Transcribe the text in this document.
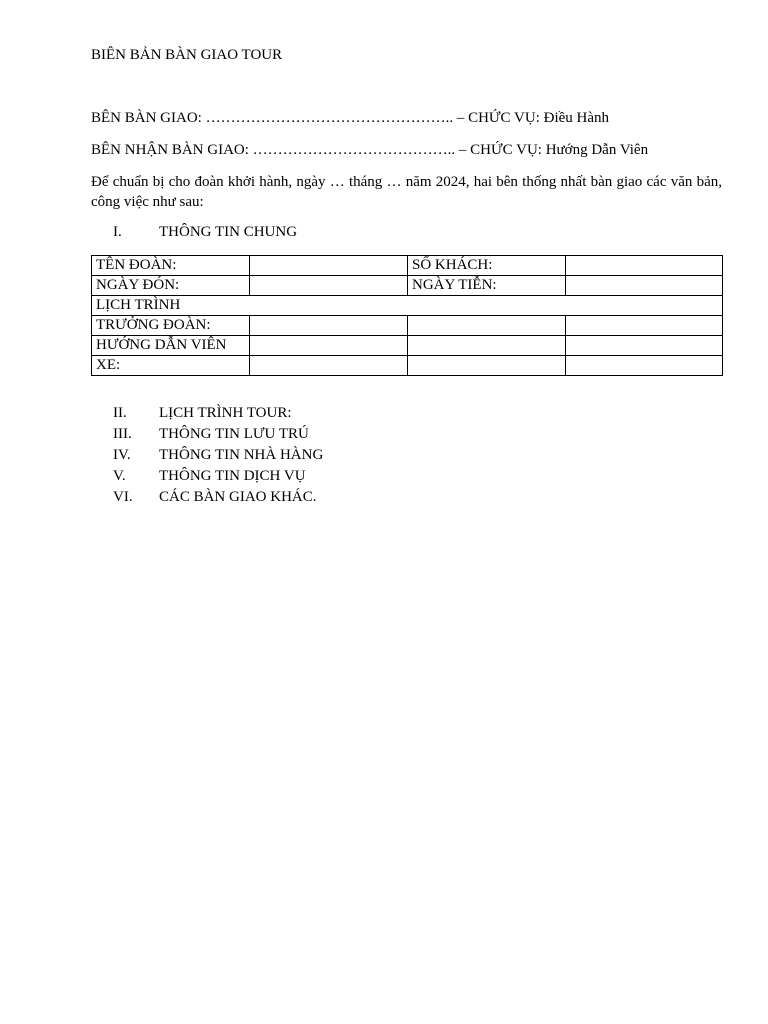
BIÊN BẢN BÀN GIAO TOUR
BÊN BÀN GIAO: ………………………………………….. – CHỨC VỤ: Điều Hành
BÊN NHẬN BÀN GIAO: ………………………………….. – CHỨC VỤ: Hướng Dẫn Viên
Để chuẩn bị cho đoàn khởi hành, ngày … tháng … năm 2024, hai bên thống nhất bàn giao các văn bản, công việc như sau:
I. THÔNG TIN CHUNG
TÊN ĐOÀN:		SỐ KHÁCH:	
NGÀY ĐÓN:		NGÀY TIỄN:	
LỊCH TRÌNH			
TRƯỞNG ĐOÀN:			
HƯỚNG DẪN VIÊN			
XE:			
II. LỊCH TRÌNH TOUR:
III. THÔNG TIN LƯU TRÚ
IV. THÔNG TIN NHÀ HÀNG
V. THÔNG TIN DỊCH VỤ
VI. CÁC BÀN GIAO KHÁC.
